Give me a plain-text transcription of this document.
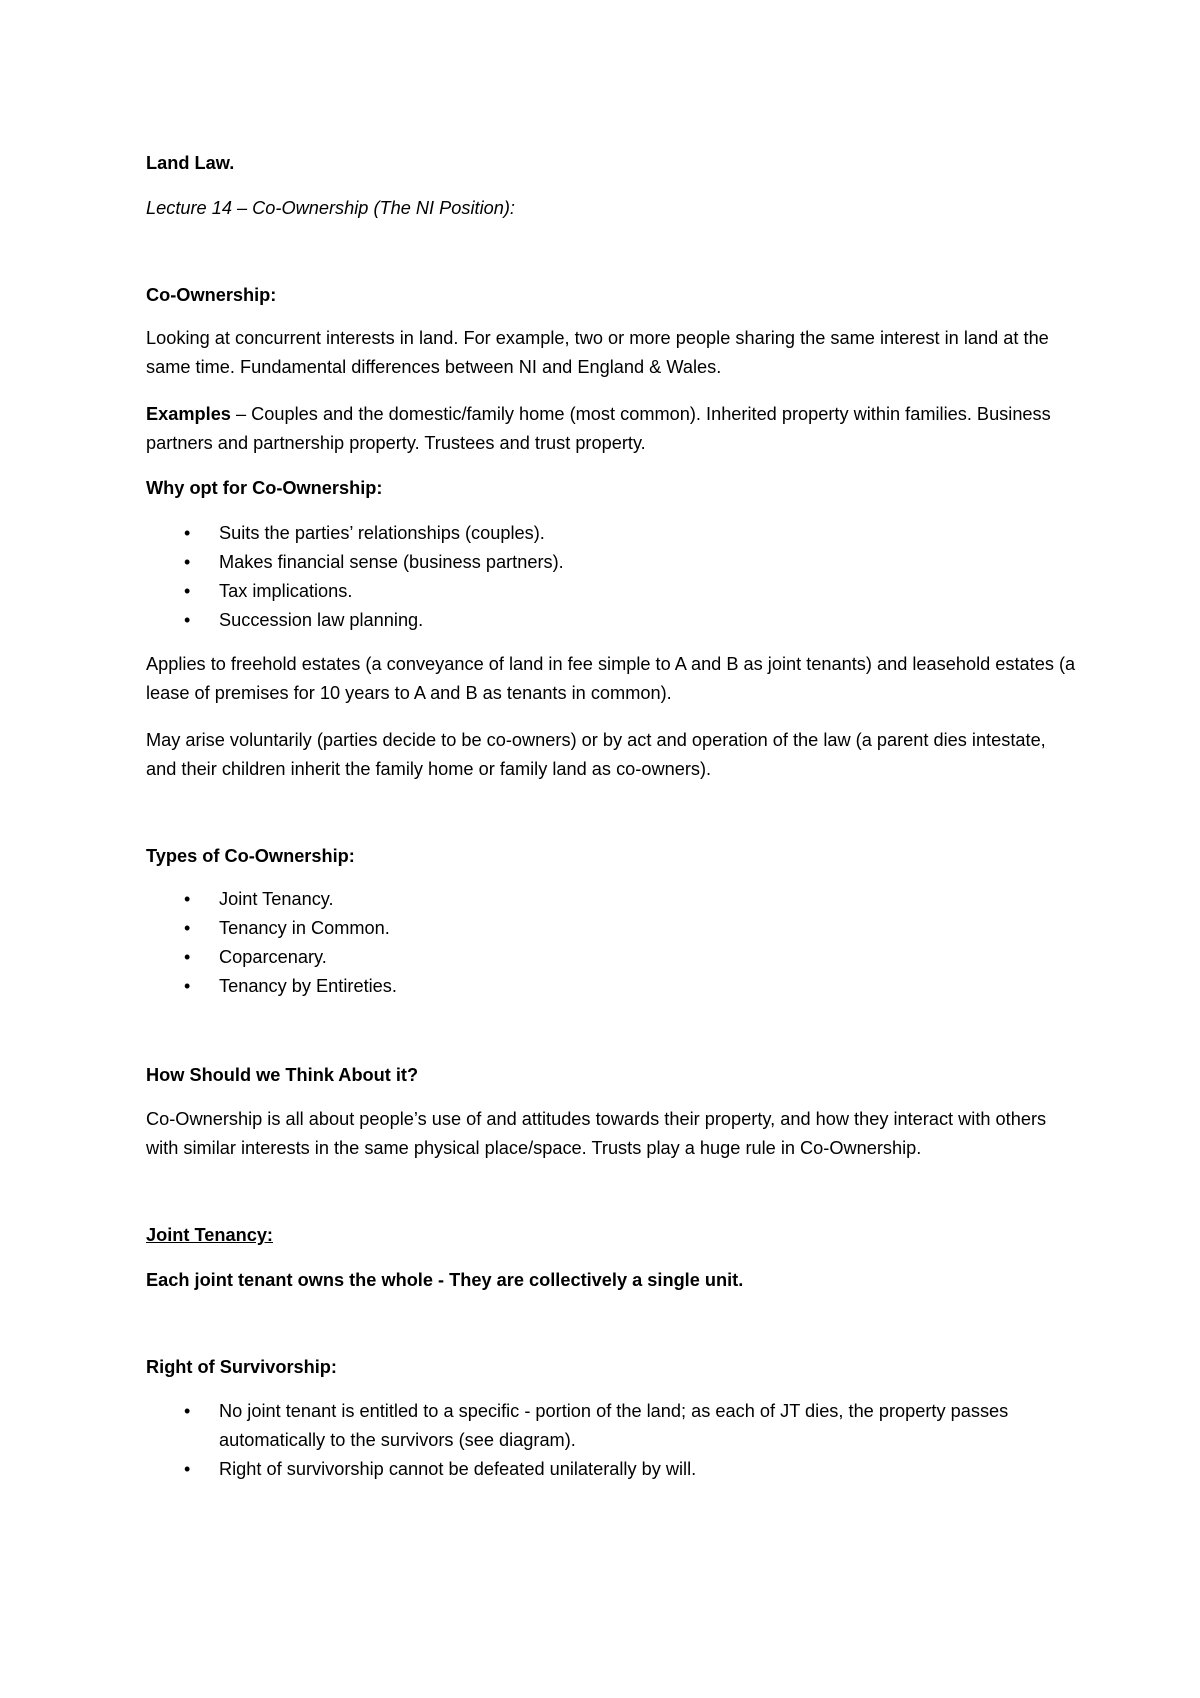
Land Law.

Lecture 14 – Co-Ownership (The NI Position):

Co-Ownership:

Looking at concurrent interests in land. For example, two or more people sharing the same interest in land at the same time. Fundamental differences between NI and England & Wales.

Examples – Couples and the domestic/family home (most common). Inherited property within families. Business partners and partnership property. Trustees and trust property.

Why opt for Co-Ownership:

• Suits the parties’ relationships (couples).
• Makes financial sense (business partners).
• Tax implications.
• Succession law planning.

Applies to freehold estates (a conveyance of land in fee simple to A and B as joint tenants) and leasehold estates (a lease of premises for 10 years to A and B as tenants in common).

May arise voluntarily (parties decide to be co-owners) or by act and operation of the law (a parent dies intestate, and their children inherit the family home or family land as co-owners).

Types of Co-Ownership:

• Joint Tenancy.
• Tenancy in Common.
• Coparcenary.
• Tenancy by Entireties.

How Should we Think About it?

Co-Ownership is all about people’s use of and attitudes towards their property, and how they interact with others with similar interests in the same physical place/space. Trusts play a huge rule in Co-Ownership.

Joint Tenancy:

Each joint tenant owns the whole - They are collectively a single unit.

Right of Survivorship:

• No joint tenant is entitled to a specific - portion of the land; as each of JT dies, the property passes automatically to the survivors (see diagram).
• Right of survivorship cannot be defeated unilaterally by will.
